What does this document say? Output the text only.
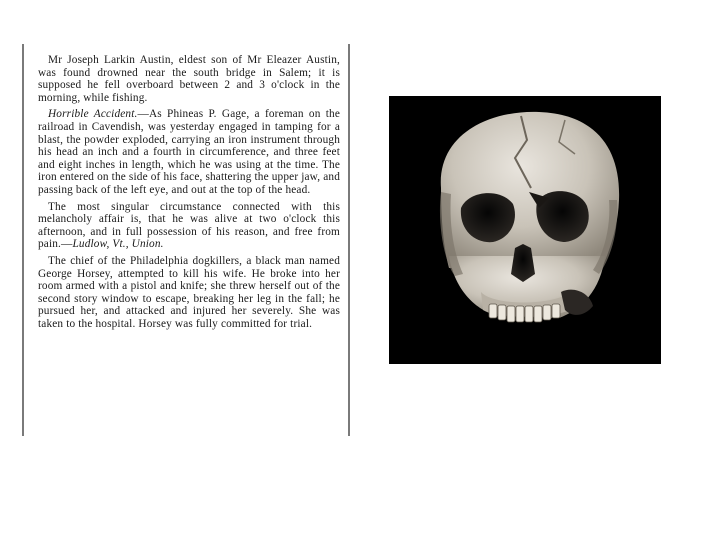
Mr Joseph Larkin Austin, eldest son of Mr Eleazer Austin, was found drowned near the south bridge in Salem; it is supposed he fell overboard between 2 and 3 o'clock in the morning, while fishing.

Horrible Accident.—As Phineas P. Gage, a foreman on the railroad in Cavendish, was yesterday engaged in tamping for a blast, the powder exploded, carrying an iron instrument through his head an inch and a fourth in circumference, and three feet and eight inches in length, which he was using at the time. The iron entered on the side of his face, shattering the upper jaw, and passing back of the left eye, and out at the top of the head.

The most singular circumstance connected with this melancholy affair is, that he was alive at two o'clock this afternoon, and in full possession of his reason, and free from pain.—Ludlow, Vt., Union.

The chief of the Philadelphia dogkillers, a black man named George Horsey, attempted to kill his wife. He broke into her room armed with a pistol and knife; she threw herself out of the second story window to escape, breaking her leg in the fall; he pursued her, and attacked and injured her severely. She was taken to the hospital. Horsey was fully committed for trial.
